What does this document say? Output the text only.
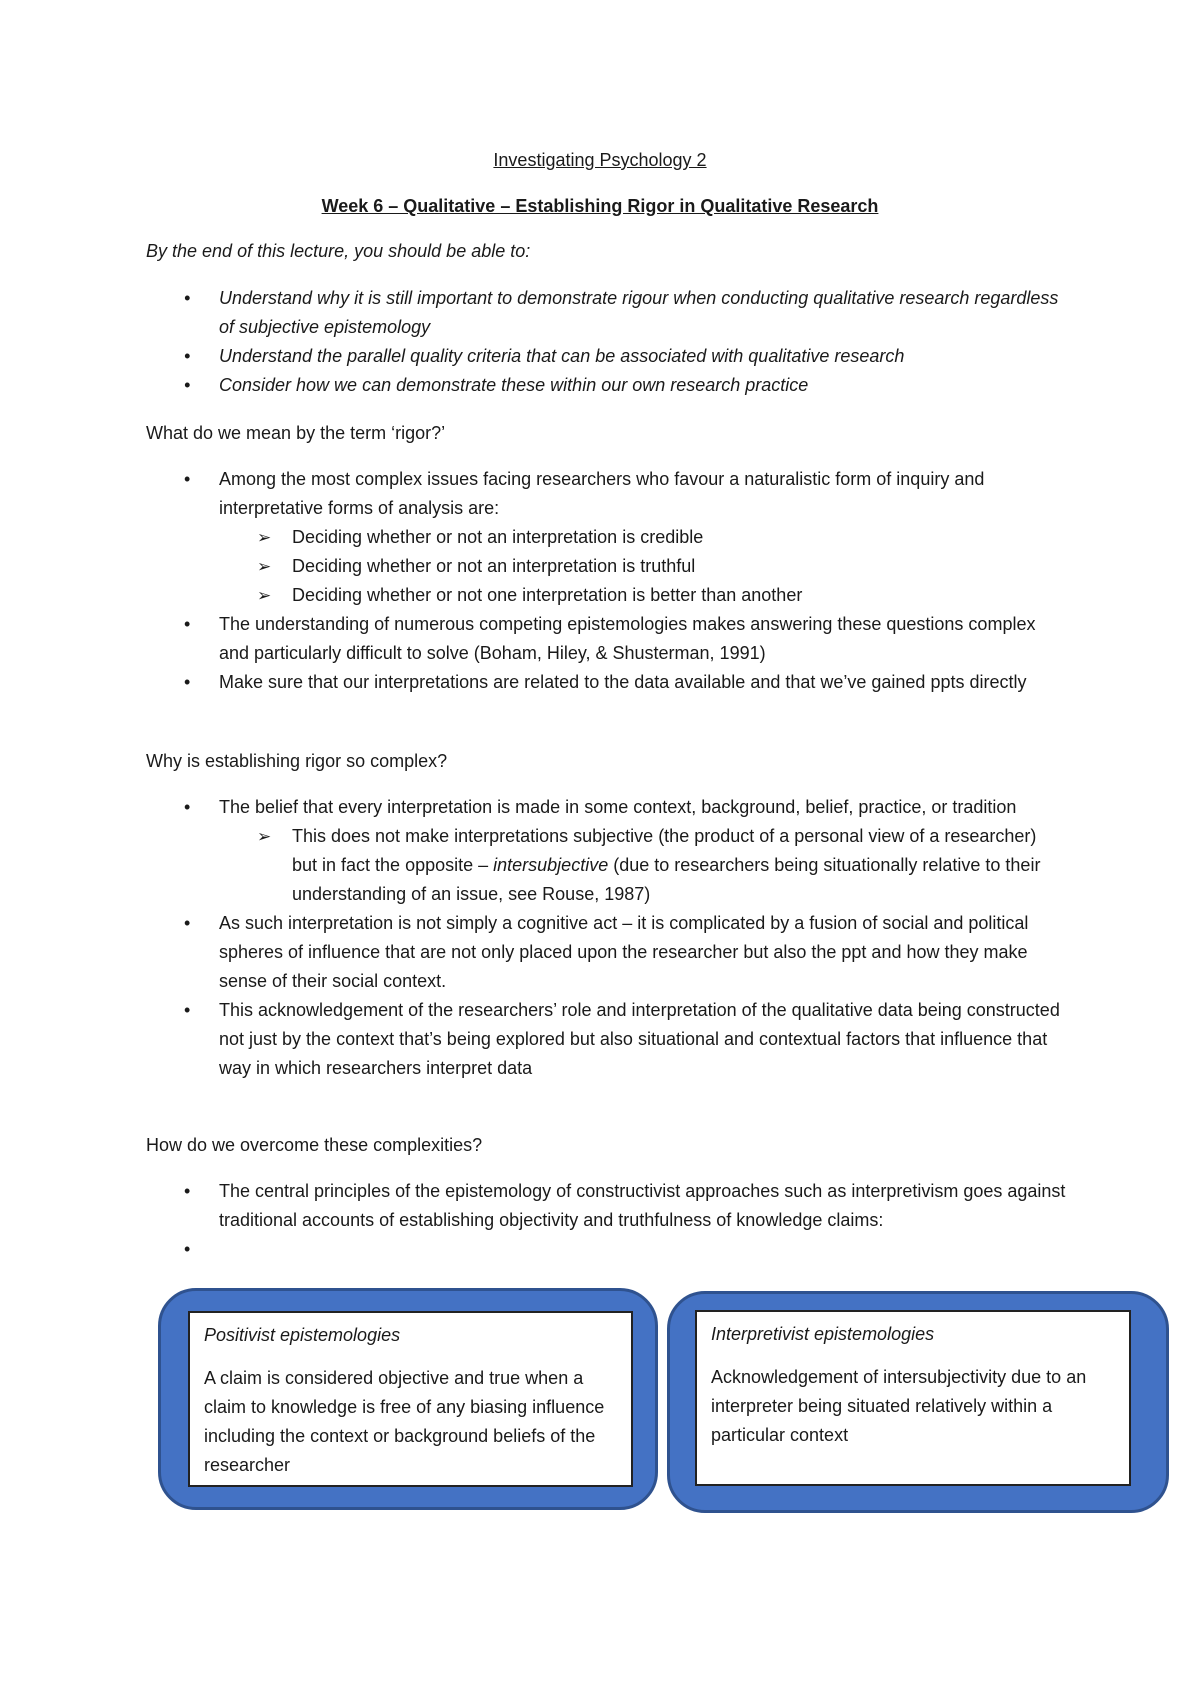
Investigating Psychology 2
Week 6 – Qualitative – Establishing Rigor in Qualitative Research
By the end of this lecture, you should be able to:
• Understand why it is still important to demonstrate rigour when conducting qualitative research regardless of subjective epistemology
• Understand the parallel quality criteria that can be associated with qualitative research
• Consider how we can demonstrate these within our own research practice
What do we mean by the term ‘rigor?’
• Among the most complex issues facing researchers who favour a naturalistic form of inquiry and interpretative forms of analysis are:
➢ Deciding whether or not an interpretation is credible
➢ Deciding whether or not an interpretation is truthful
➢ Deciding whether or not one interpretation is better than another
• The understanding of numerous competing epistemologies makes answering these questions complex and particularly difficult to solve (Boham, Hiley, & Shusterman, 1991)
• Make sure that our interpretations are related to the data available and that we’ve gained ppts directly
Why is establishing rigor so complex?
• The belief that every interpretation is made in some context, background, belief, practice, or tradition
➢ This does not make interpretations subjective (the product of a personal view of a researcher) but in fact the opposite – intersubjective (due to researchers being situationally relative to their understanding of an issue, see Rouse, 1987)
• As such interpretation is not simply a cognitive act – it is complicated by a fusion of social and political spheres of influence that are not only placed upon the researcher but also the ppt and how they make sense of their social context.
• This acknowledgement of the researchers’ role and interpretation of the qualitative data being constructed not just by the context that’s being explored but also situational and contextual factors that influence that way in which researchers interpret data
How do we overcome these complexities?
• The central principles of the epistemology of constructivist approaches such as interpretivism goes against traditional accounts of establishing objectivity and truthfulness of knowledge claims:
•

Positivist epistemologies
A claim is considered objective and true when a claim to knowledge is free of any biasing influence including the context or background beliefs of the researcher
Interpretivist epistemologies
Acknowledgement of intersubjectivity due to an interpreter being situated relatively within a particular context
